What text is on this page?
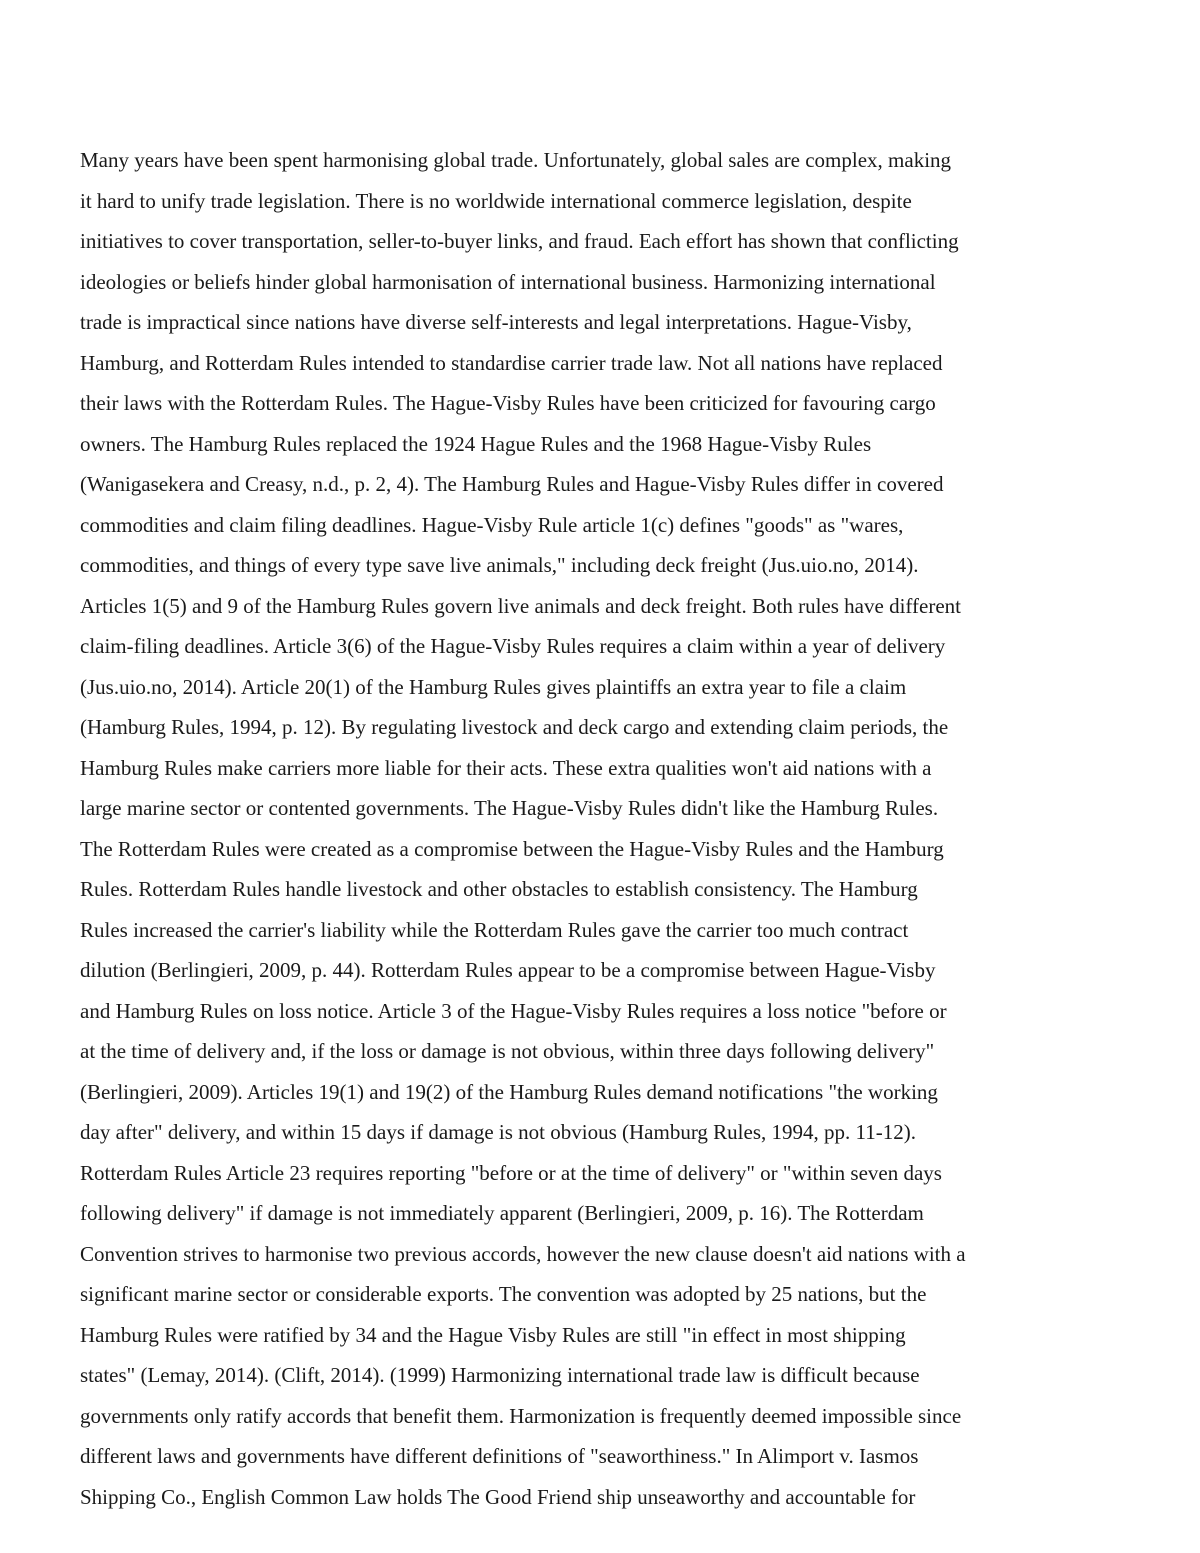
Many years have been spent harmonising global trade. Unfortunately, global sales are complex, making
it hard to unify trade legislation. There is no worldwide international commerce legislation, despite
initiatives to cover transportation, seller-to-buyer links, and fraud. Each effort has shown that conflicting
ideologies or beliefs hinder global harmonisation of international business. Harmonizing international
trade is impractical since nations have diverse self-interests and legal interpretations. Hague-Visby,
Hamburg, and Rotterdam Rules intended to standardise carrier trade law. Not all nations have replaced
their laws with the Rotterdam Rules. The Hague-Visby Rules have been criticized for favouring cargo
owners. The Hamburg Rules replaced the 1924 Hague Rules and the 1968 Hague-Visby Rules
(Wanigasekera and Creasy, n.d., p. 2, 4). The Hamburg Rules and Hague-Visby Rules differ in covered
commodities and claim filing deadlines. Hague-Visby Rule article 1(c) defines "goods" as "wares,
commodities, and things of every type save live animals," including deck freight (Jus.uio.no, 2014).
Articles 1(5) and 9 of the Hamburg Rules govern live animals and deck freight. Both rules have different
claim-filing deadlines. Article 3(6) of the Hague-Visby Rules requires a claim within a year of delivery
(Jus.uio.no, 2014). Article 20(1) of the Hamburg Rules gives plaintiffs an extra year to file a claim
(Hamburg Rules, 1994, p. 12). By regulating livestock and deck cargo and extending claim periods, the
Hamburg Rules make carriers more liable for their acts. These extra qualities won't aid nations with a
large marine sector or contented governments. The Hague-Visby Rules didn't like the Hamburg Rules.
The Rotterdam Rules were created as a compromise between the Hague-Visby Rules and the Hamburg
Rules. Rotterdam Rules handle livestock and other obstacles to establish consistency. The Hamburg
Rules increased the carrier's liability while the Rotterdam Rules gave the carrier too much contract
dilution (Berlingieri, 2009, p. 44). Rotterdam Rules appear to be a compromise between Hague-Visby
and Hamburg Rules on loss notice. Article 3 of the Hague-Visby Rules requires a loss notice "before or
at the time of delivery and, if the loss or damage is not obvious, within three days following delivery"
(Berlingieri, 2009). Articles 19(1) and 19(2) of the Hamburg Rules demand notifications "the working
day after" delivery, and within 15 days if damage is not obvious (Hamburg Rules, 1994, pp. 11-12).
Rotterdam Rules Article 23 requires reporting "before or at the time of delivery" or "within seven days
following delivery" if damage is not immediately apparent (Berlingieri, 2009, p. 16). The Rotterdam
Convention strives to harmonise two previous accords, however the new clause doesn't aid nations with a
significant marine sector or considerable exports. The convention was adopted by 25 nations, but the
Hamburg Rules were ratified by 34 and the Hague Visby Rules are still "in effect in most shipping
states" (Lemay, 2014). (Clift, 2014). (1999) Harmonizing international trade law is difficult because
governments only ratify accords that benefit them. Harmonization is frequently deemed impossible since
different laws and governments have different definitions of "seaworthiness." In Alimport v. Iasmos
Shipping Co., English Common Law holds The Good Friend ship unseaworthy and accountable for
